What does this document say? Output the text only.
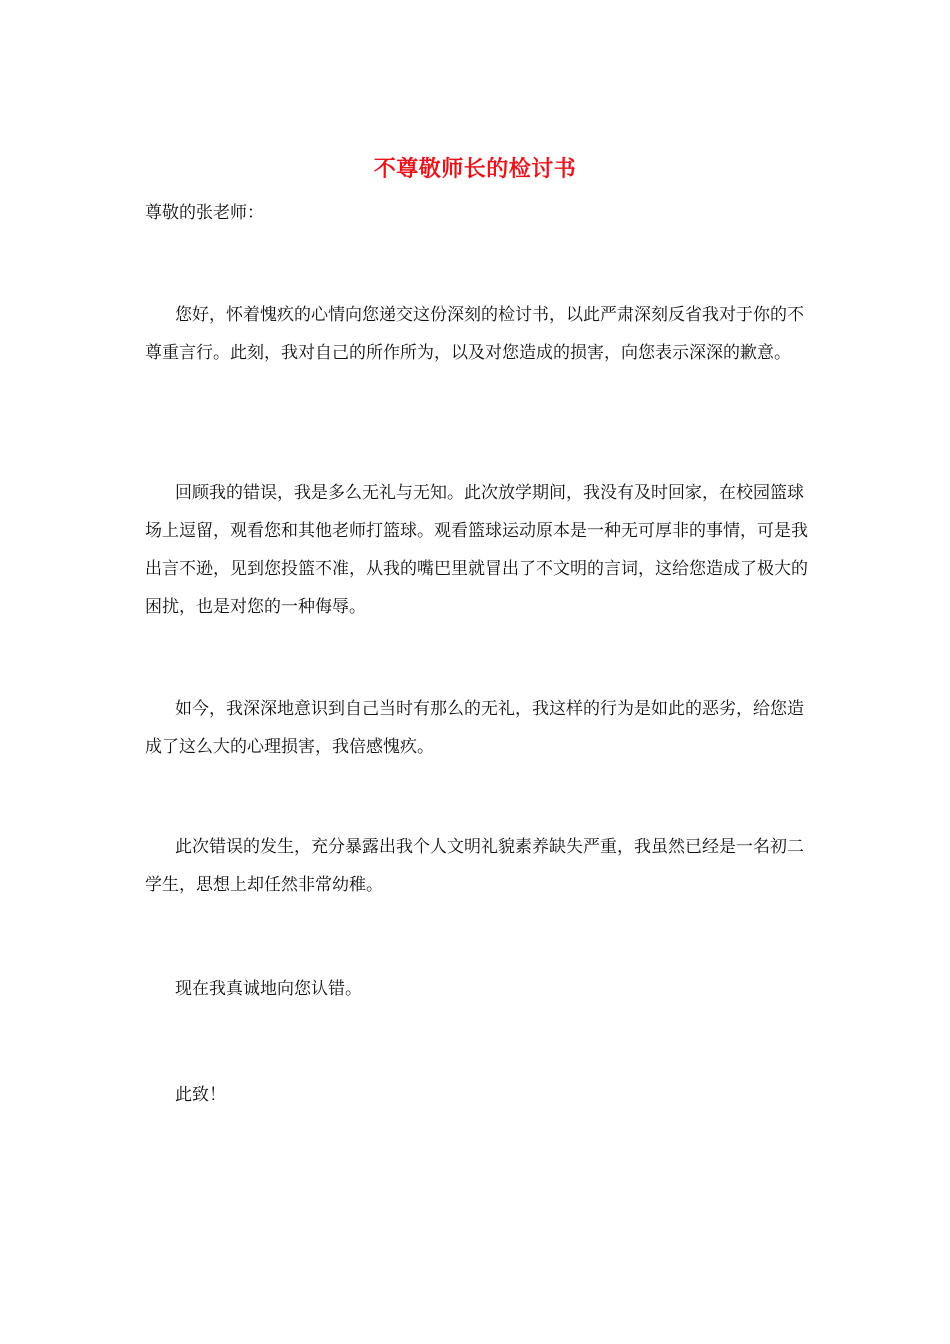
不尊敬师长的检讨书
尊敬的张老师：
您好，怀着愧疚的心情向您递交这份深刻的检讨书，以此严肃深刻反省我对于你的不尊重言行。此刻，我对自己的所作所为，以及对您造成的损害，向您表示深深的歉意。
回顾我的错误，我是多么无礼与无知。此次放学期间，我没有及时回家，在校园篮球场上逗留，观看您和其他老师打篮球。观看篮球运动原本是一种无可厚非的事情，可是我出言不逊，见到您投篮不准，从我的嘴巴里就冒出了不文明的言词，这给您造成了极大的困扰，也是对您的一种侮辱。
如今，我深深地意识到自己当时有那么的无礼，我这样的行为是如此的恶劣，给您造成了这么大的心理损害，我倍感愧疚。
此次错误的发生，充分暴露出我个人文明礼貌素养缺失严重，我虽然已经是一名初二学生，思想上却任然非常幼稚。
现在我真诚地向您认错。
此致！
